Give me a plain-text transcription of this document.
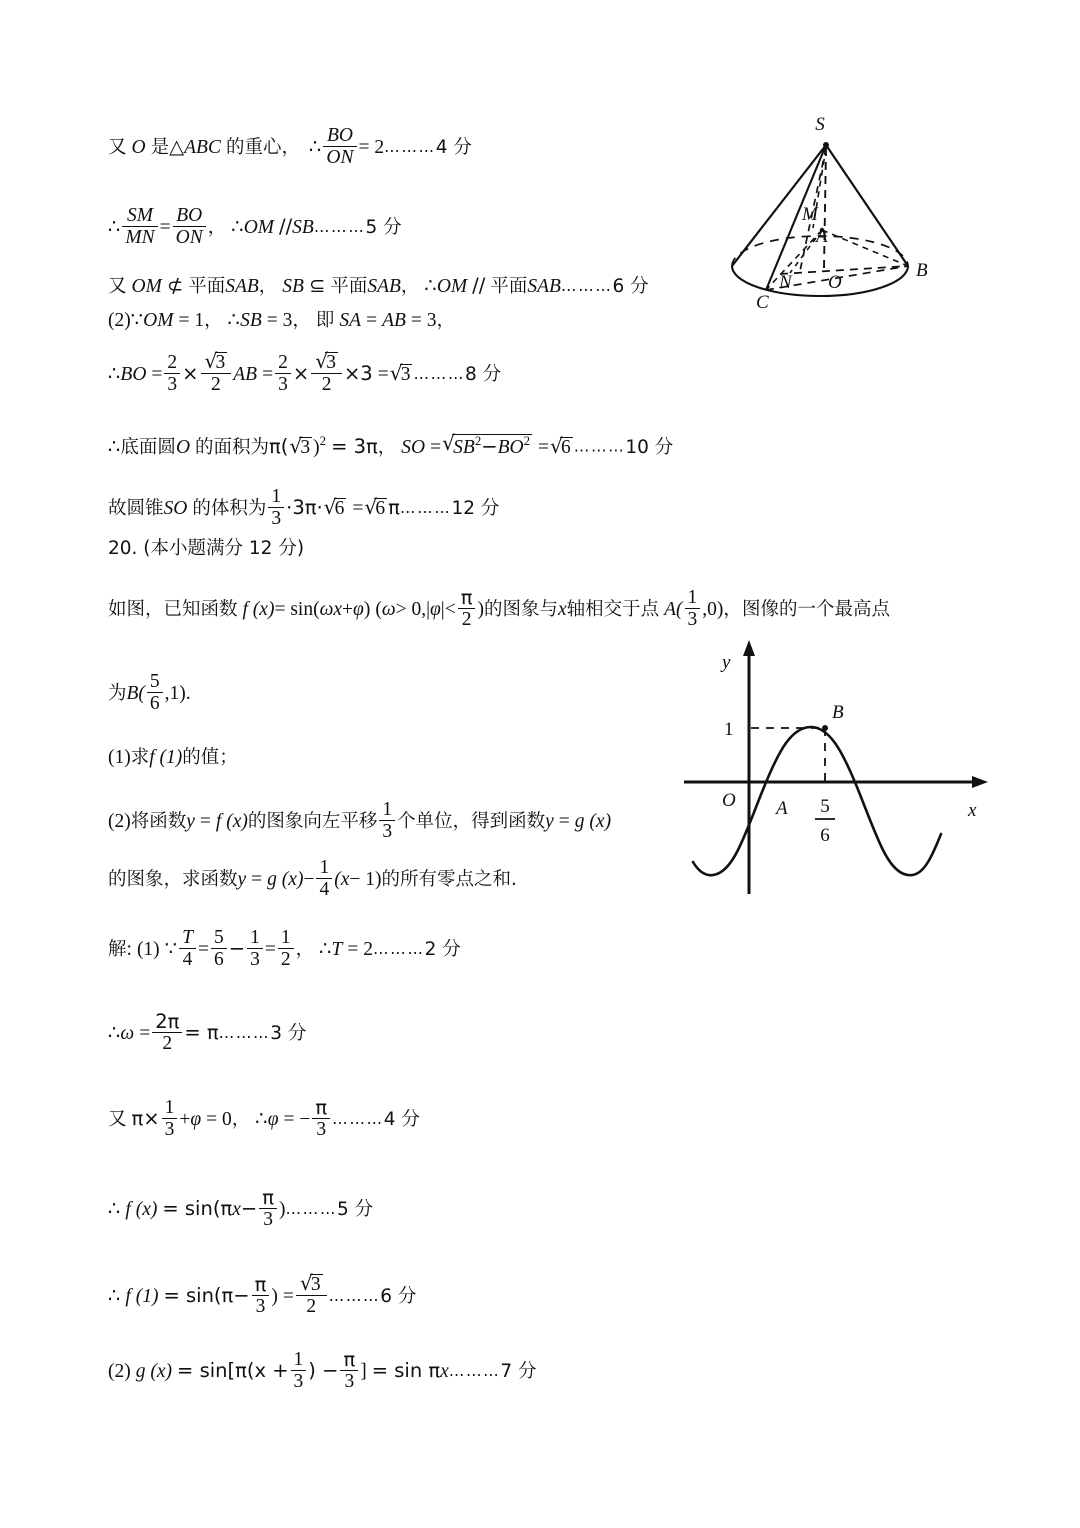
又 O 是△ABC 的重心， ∴ $\frac{BO}{ON}$ = 2………4 分
∴ $\frac{SM}{MN} = \frac{BO}{ON}$ ， ∴OM //SB………5 分
又 OM ⊄ 平面SAB， SB ⊆ 平面SAB， ∴OM // 平面SAB………6 分
(2)∵OM = 1， ∴SB = 3， 即 SA = AB = 3，
∴BO = $\frac{2}{3}$ × √ $\frac{3}{2}$ AB = $\frac{2}{3}$ × √ $\frac{3}{2} \times 3$ = √ 3 ………8 分
∴底面圆O 的面积为π( √ 3 )$^2$ = 3π， SO = √ $SB^2-BO^2$ = √ 6 ………10 分
故圆锥SO 的体积为 $\frac{1}{3} \cdot 3\pi\cdot$ √ 6 = √ 6 π………12 分
S
M
A
N O
B
C
20. (本小题满分 12 分)
如图，已知函数 f (x)= sin(ωx+φ) ($\omega> 0,|\varphi|< \frac{\pi}{2}$ )的图象与x轴相交于点 $A( \frac{1}{3} ,0)$，图像的一个最高点
为$B( \frac{5}{6} ,1)$.
(1)求f (1)的值；
(2)将函数y = f (x)的图象向左平移 $\frac{1}{3}$ 个单位，得到函数y = g (x)
的图象，求函数y = g $(x)- \frac{1}{4} (x- 1)$的所有零点之和.
y
x
1
O A
B
5
6
解: (1) ∵ $\frac{T}{4} = \frac{5}{6} - \frac{1}{3} = \frac{1}{2}$ ， ∴T = 2………2 分
∴ω = $\frac{2\pi}{2}$ = π………3 分
又 $\pi\times \frac{1}{3} +\varphi = 0$， ∴φ = − $\frac{\pi}{3}$ ………4 分
∴ f $(x) = \sin(\pi x- \frac{\pi}{3}$ )………5 分
∴ f $(1) = \sin(\pi- \frac{\pi}{3}$ ) = √ $\frac{3}{2}$ ………6 分
(2) g $(x) = \sin[\pi(x + \frac{1}{3}$ ) − $\frac{\pi}{3}$ ] = sin πx………7 分
